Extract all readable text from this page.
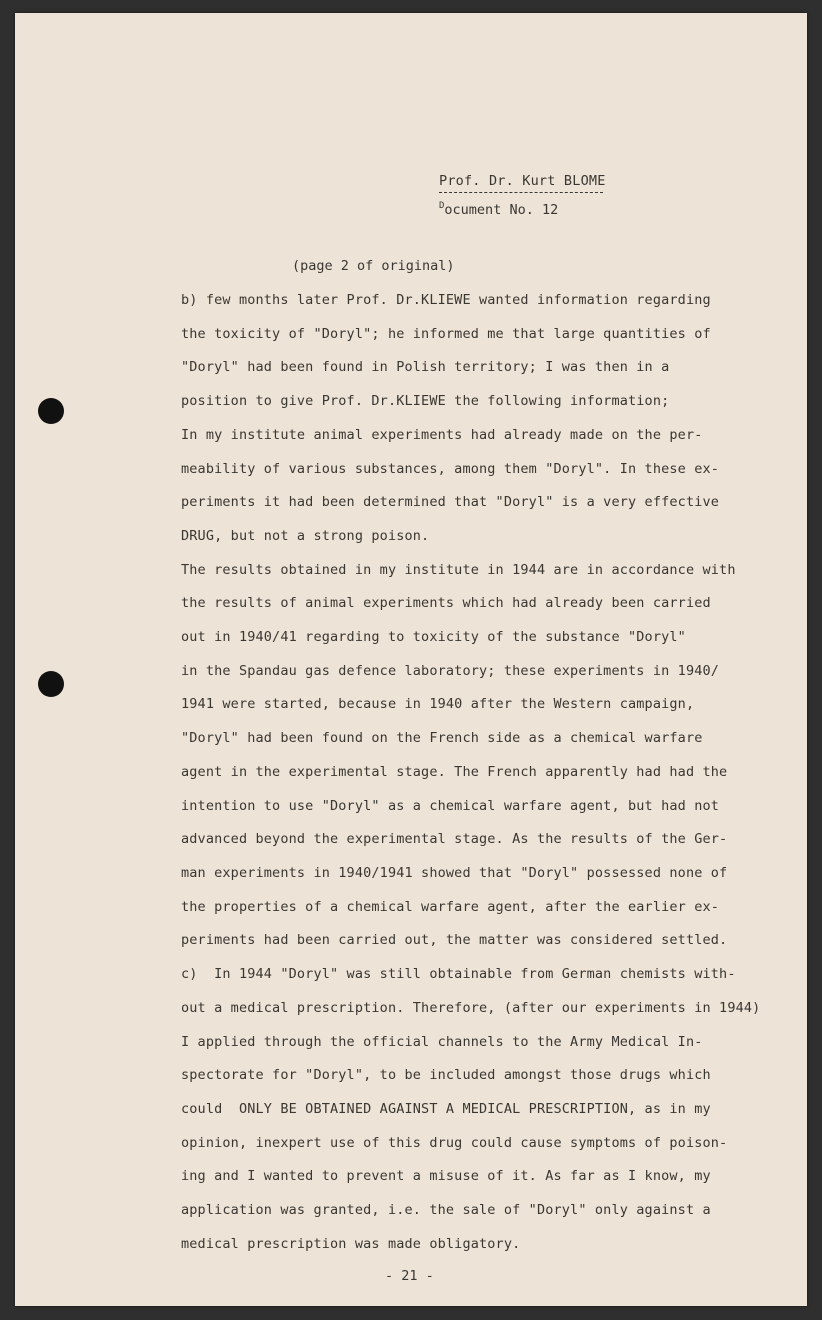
Prof. Dr. Kurt BLOME
$^D$ocument No. 12
(page 2 of original)
b) few months later Prof. Dr.KLIEWE wanted information regarding
the toxicity of "Doryl"; he informed me that large quantities of
"Doryl" had been found in Polish territory; I was then in a
position to give Prof. Dr.KLIEWE the following information;
In my institute animal experiments had already made on the per-
meability of various substances, among them "Doryl". In these ex-
periments it had been determined that "Doryl" is a very effective
DRUG, but not a strong poison.
The results obtained in my institute in 1944 are in accordance with
the results of animal experiments which had already been carried
out in 1940/41 regarding to toxicity of the substance "Doryl"
in the Spandau gas defence laboratory; these experiments in 1940/
1941 were started, because in 1940 after the Western campaign,
"Doryl" had been found on the French side as a chemical warfare
agent in the experimental stage. The French apparently had had the
intention to use "Doryl" as a chemical warfare agent, but had not
advanced beyond the experimental stage. As the results of the Ger-
man experiments in 1940/1941 showed that "Doryl" possessed none of
the properties of a chemical warfare agent, after the earlier ex-
periments had been carried out, the matter was considered settled.
c)  In 1944 "Doryl" was still obtainable from German chemists with-
out a medical prescription. Therefore, (after our experiments in 1944)
I applied through the official channels to the Army Medical In-
spectorate for "Doryl", to be included amongst those drugs which
could  ONLY BE OBTAINED AGAINST A MEDICAL PRESCRIPTION, as in my
opinion, inexpert use of this drug could cause symptoms of poison-
ing and I wanted to prevent a misuse of it. As far as I know, my
application was granted, i.e. the sale of "Doryl" only against a
medical prescription was made obligatory.
- 21 -
